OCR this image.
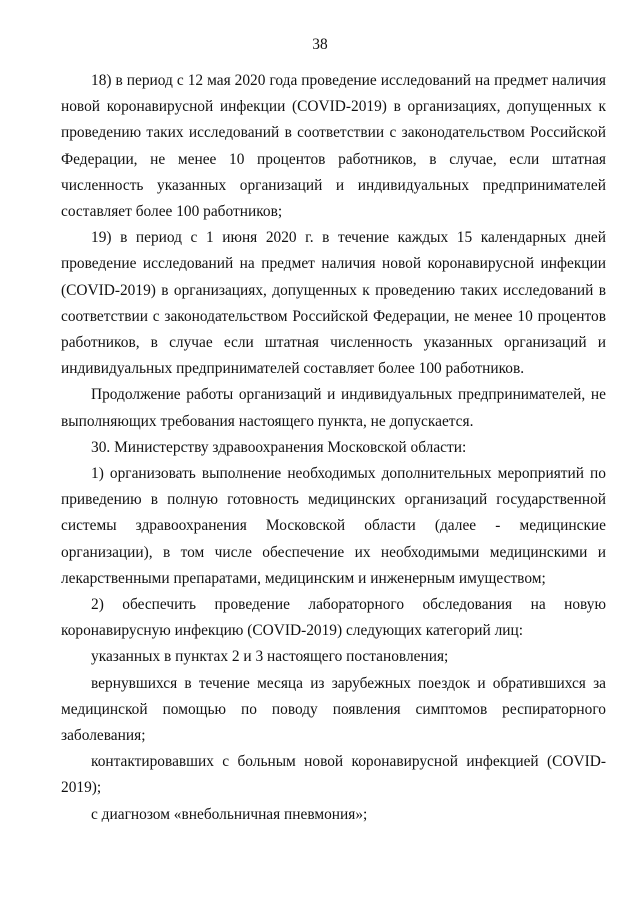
38

18) в период с 12 мая 2020 года проведение исследований на предмет наличия новой коронавирусной инфекции (COVID-2019) в организациях, допущенных к проведению таких исследований в соответствии с законодательством Российской Федерации, не менее 10 процентов работников, в случае, если штатная численность указанных организаций и индивидуальных предпринимателей составляет более 100 работников;

19) в период с 1 июня 2020 г. в течение каждых 15 календарных дней проведение исследований на предмет наличия новой коронавирусной инфекции (COVID-2019) в организациях, допущенных к проведению таких исследований в соответствии с законодательством Российской Федерации, не менее 10 процентов работников, в случае если штатная численность указанных организаций и индивидуальных предпринимателей составляет более 100 работников.

Продолжение работы организаций и индивидуальных предпринимателей, не выполняющих требования настоящего пункта, не допускается.

30. Министерству здравоохранения Московской области:

1) организовать выполнение необходимых дополнительных мероприятий по приведению в полную готовность медицинских организаций государственной системы здравоохранения Московской области (далее - медицинские организации), в том числе обеспечение их необходимыми медицинскими и лекарственными препаратами, медицинским и инженерным имуществом;

2) обеспечить проведение лабораторного обследования на новую коронавирусную инфекцию (COVID-2019) следующих категорий лиц:

указанных в пунктах 2 и 3 настоящего постановления;

вернувшихся в течение месяца из зарубежных поездок и обратившихся за медицинской помощью по поводу появления симптомов респираторного заболевания;

контактировавших с больным новой коронавирусной инфекцией (COVID-2019);

с диагнозом «внебольничная пневмония»;
